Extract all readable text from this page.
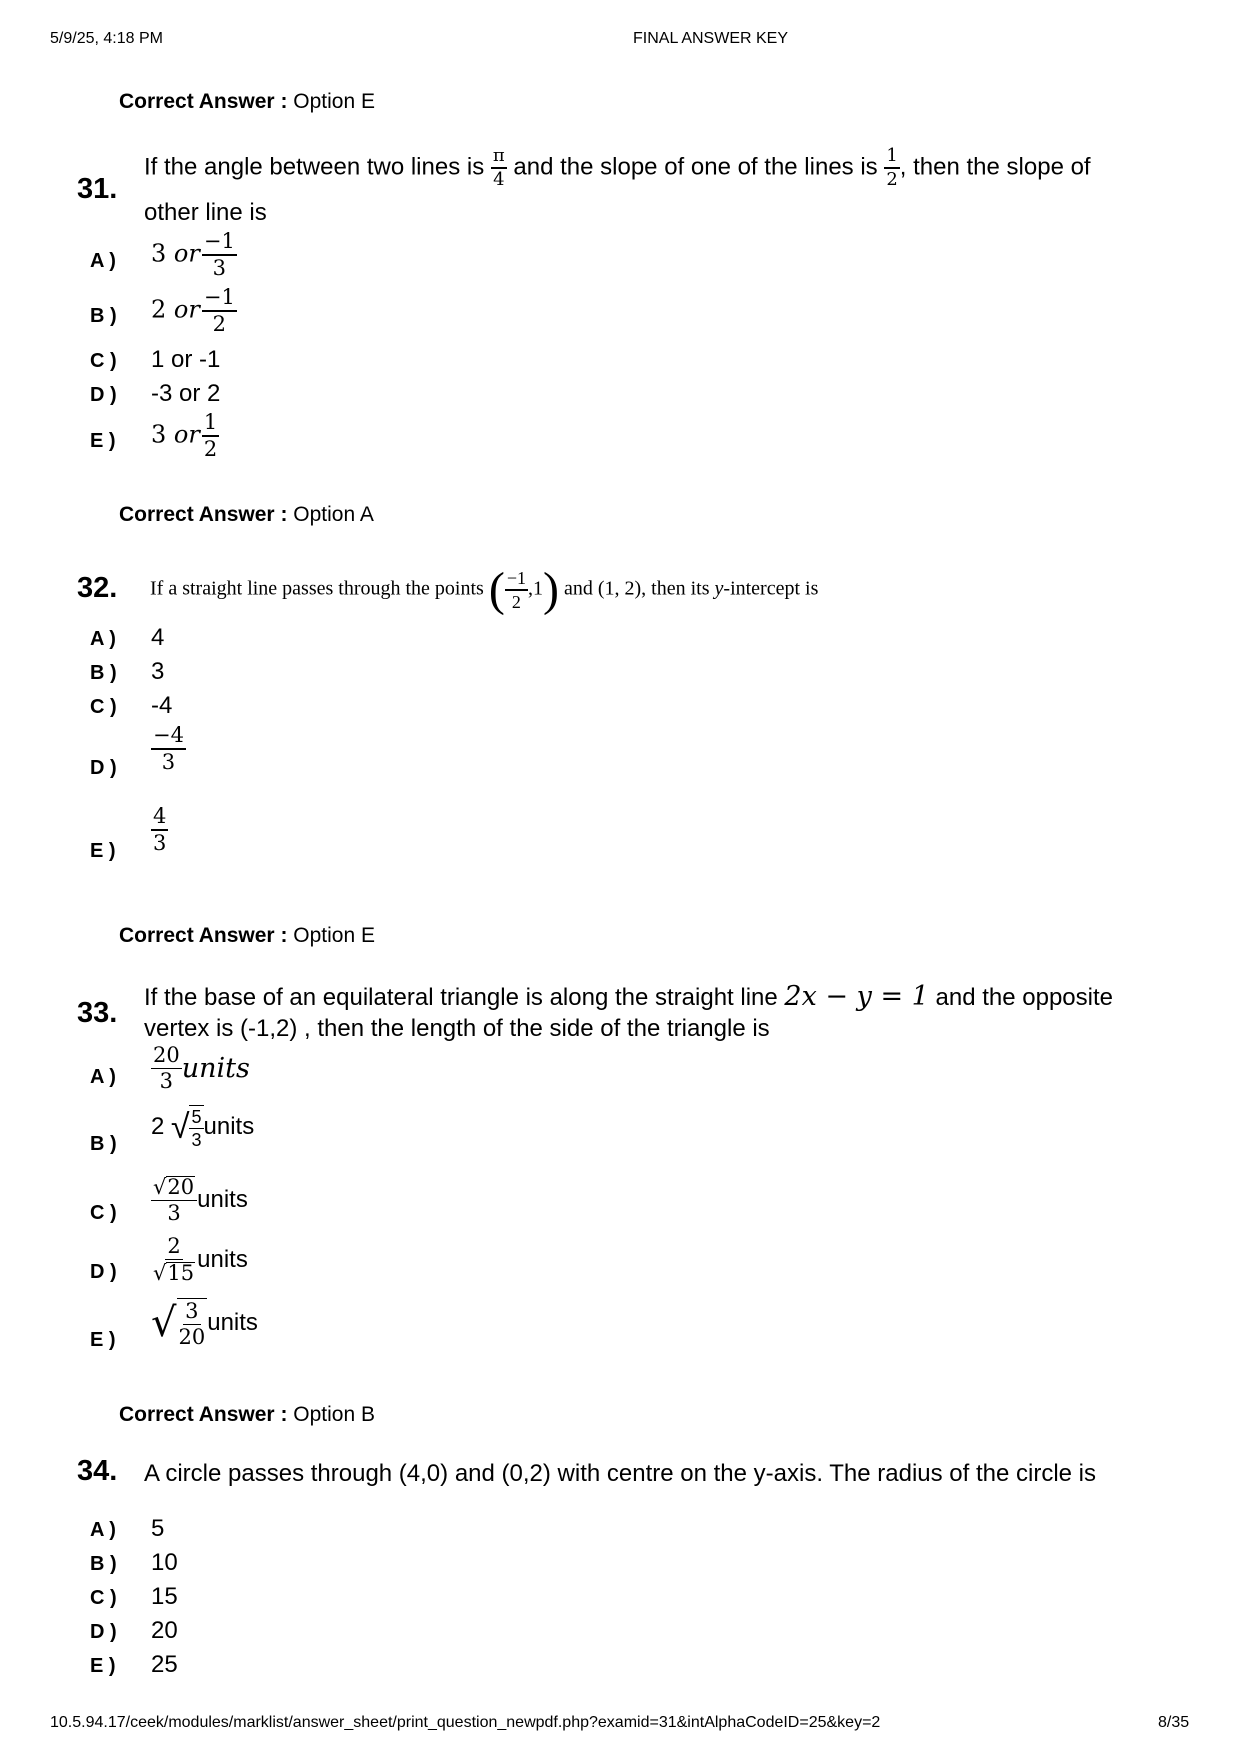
5/9/25, 4:18 PM	FINAL ANSWER KEY
Correct Answer : Option E
31.
If the angle between two lines is $\frac{\pi}{4}$ and the slope of one of the lines is $\frac{1}{2}$ , then the slope of
other line is
A )	3 or $\frac{-1}{3}$
B )	2 or $\frac{-1}{2}$
C )	1 or -1
D )	-3 or 2
E )	3 or $\frac{1}{2}$
Correct Answer : Option A
32. If a straight line passes through the points ( $\frac{-1}{2} ,1$) and (1, 2), then its y-intercept is
A )	4
B )	3
C )	-4
D )	$\frac{-4}{3}$
E )	$\frac{4}{3}$
Correct Answer : Option E
33. If the base of an equilateral triangle is along the straight line 2x − y = 1 and the opposite
vertex is (-1,2) , then the length of the side of the triangle is
A )	$\frac{20}{3}$ units
B )
2 √ $\frac{5}{3}$ units
C )	$\frac{√20}{3}$ units
D )	$\frac{2}{√15}$ units
E ) √ $\frac{3}{20}$ units
Correct Answer : Option B
34. A circle passes through (4,0) and (0,2) with centre on the y-axis. The radius of the circle is
A )	5
B )	10
C )	15
D )	20
E )	25
10.5.94.17/ceek/modules/marklist/answer_sheet/print_question_newpdf.php?examid=31&intAlphaCodeID=25&key=2	8/35
